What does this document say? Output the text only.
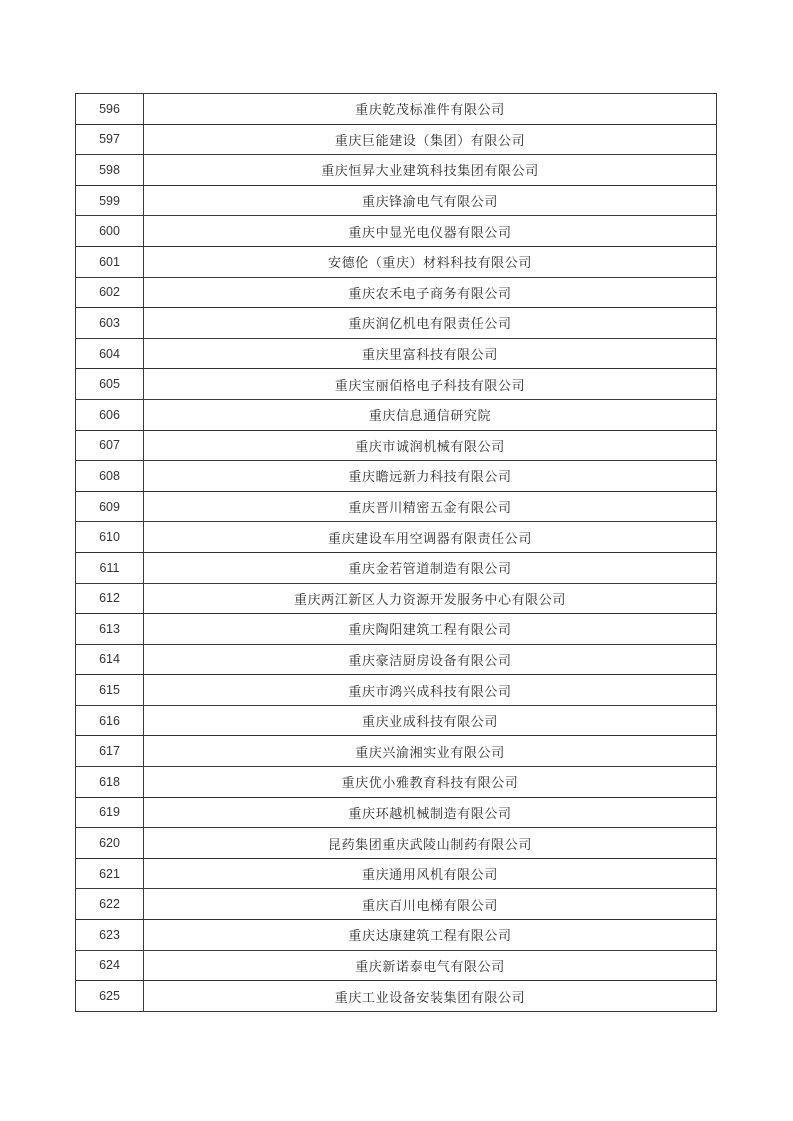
596	重庆乾茂标准件有限公司
597	重庆巨能建设（集团）有限公司
598	重庆恒昇大业建筑科技集团有限公司
599	重庆锋渝电气有限公司
600	重庆中显光电仪器有限公司
601	安德伦（重庆）材料科技有限公司
602	重庆农禾电子商务有限公司
603	重庆润亿机电有限责任公司
604	重庆里富科技有限公司
605	重庆宝丽佰格电子科技有限公司
606	重庆信息通信研究院
607	重庆市诚润机械有限公司
608	重庆瞻远新力科技有限公司
609	重庆晋川精密五金有限公司
610	重庆建设车用空调器有限责任公司
611	重庆金若管道制造有限公司
612	重庆两江新区人力资源开发服务中心有限公司
613	重庆陶阳建筑工程有限公司
614	重庆豪洁厨房设备有限公司
615	重庆市鸿兴成科技有限公司
616	重庆业成科技有限公司
617	重庆兴渝湘实业有限公司
618	重庆优小雅教育科技有限公司
619	重庆环越机械制造有限公司
620	昆药集团重庆武陵山制药有限公司
621	重庆通用风机有限公司
622	重庆百川电梯有限公司
623	重庆达康建筑工程有限公司
624	重庆新诺泰电气有限公司
625	重庆工业设备安装集团有限公司
